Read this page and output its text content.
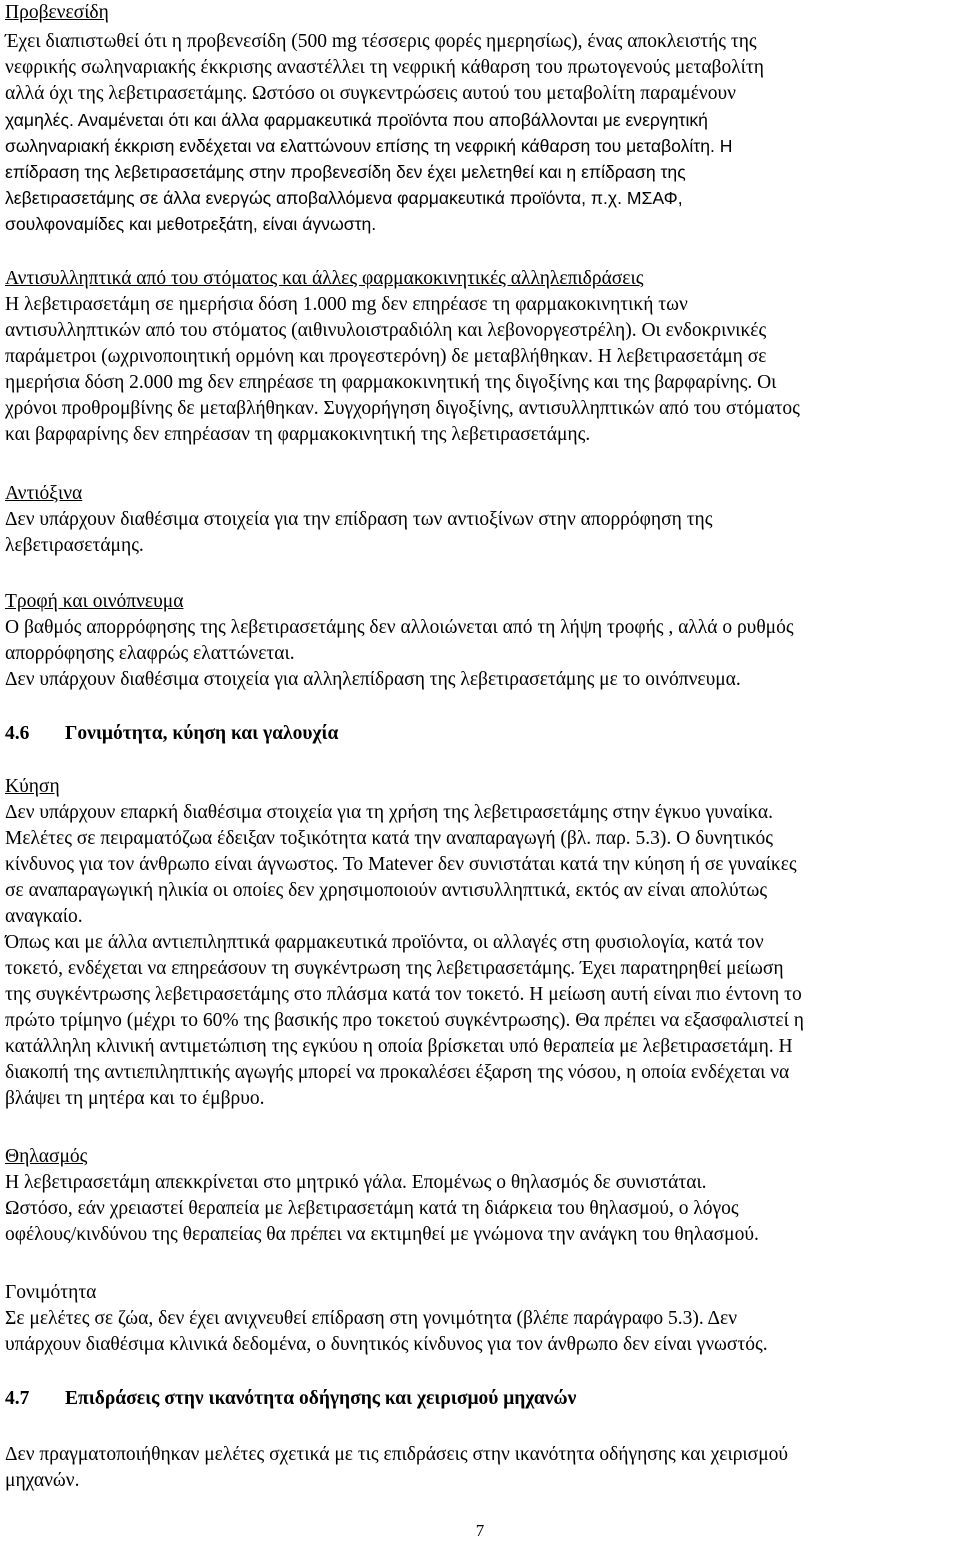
Προβενεσίδη
Έχει διαπιστωθεί ότι η προβενεσίδη (500 mg τέσσερις φορές ημερησίως), ένας αποκλειστής της
νεφρικής σωληναριακής έκκρισης αναστέλλει τη νεφρική κάθαρση του πρωτογενούς μεταβολίτη
αλλά όχι της λεβετιρασετάμης. Ωστόσο οι συγκεντρώσεις αυτού του μεταβολίτη παραμένουν
χαμηλές. Αναμένεται ότι και άλλα φαρμακευτικά προϊόντα που αποβάλλονται με ενεργητική
σωληναριακή έκκριση ενδέχεται να ελαττώνουν επίσης τη νεφρική κάθαρση του μεταβολίτη. Η
επίδραση της λεβετιρασετάμης στην προβενεσίδη δεν έχει μελετηθεί και η επίδραση της
λεβετιρασετάμης σε άλλα ενεργώς αποβαλλόμενα φαρμακευτικά προϊόντα, π.χ. ΜΣΑΦ,
σουλφοναμίδες και μεθοτρεξάτη, είναι άγνωστη.
Αντισυλληπτικά από του στόματος και άλλες φαρμακοκινητικές αλληλεπιδράσεις
Η λεβετιρασετάμη σε ημερήσια δόση 1.000 mg δεν επηρέασε τη φαρμακοκινητική των
αντισυλληπτικών από του στόματος (αιθινυλοιστραδιόλη και λεβονοργεστρέλη). Οι ενδοκρινικές
παράμετροι (ωχρινοποιητική ορμόνη και προγεστερόνη) δε μεταβλήθηκαν. Η λεβετιρασετάμη σε
ημερήσια δόση 2.000 mg δεν επηρέασε τη φαρμακοκινητική της διγοξίνης και της βαρφαρίνης. Οι
χρόνοι προθρομβίνης δε μεταβλήθηκαν. Συγχορήγηση διγοξίνης, αντισυλληπτικών από του στόματος
και βαρφαρίνης δεν επηρέασαν τη φαρμακοκινητική της λεβετιρασετάμης.
Αντιόξινα
Δεν υπάρχουν διαθέσιμα στοιχεία για την επίδραση των αντιοξίνων στην απορρόφηση της
λεβετιρασετάμης.
Τροφή και οινόπνευμα
Ο βαθμός απορρόφησης της λεβετιρασετάμης δεν αλλοιώνεται από τη λήψη τροφής , αλλά ο ρυθμός
απορρόφησης ελαφρώς ελαττώνεται.
Δεν υπάρχουν διαθέσιμα στοιχεία για αλληλεπίδραση της λεβετιρασετάμης με το οινόπνευμα.
4.6 Γονιμότητα, κύηση και γαλουχία
Κύηση
Δεν υπάρχουν επαρκή διαθέσιμα στοιχεία για τη χρήση της λεβετιρασετάμης στην έγκυο γυναίκα.
Μελέτες σε πειραματόζωα έδειξαν τοξικότητα κατά την αναπαραγωγή (βλ. παρ. 5.3). Ο δυνητικός
κίνδυνος για τον άνθρωπο είναι άγνωστος. Το Matever δεν συνιστάται κατά την κύηση ή σε γυναίκες
σε αναπαραγωγική ηλικία οι οποίες δεν χρησιμοποιούν αντισυλληπτικά, εκτός αν είναι απολύτως
αναγκαίο.
Όπως και με άλλα αντιεπιληπτικά φαρμακευτικά προϊόντα, οι αλλαγές στη φυσιολογία, κατά τον
τοκετό, ενδέχεται να επηρεάσουν τη συγκέντρωση της λεβετιρασετάμης. Έχει παρατηρηθεί μείωση
της συγκέντρωσης λεβετιρασετάμης στο πλάσμα κατά τον τοκετό. Η μείωση αυτή είναι πιο έντονη το
πρώτο τρίμηνο (μέχρι το 60% της βασικής προ τοκετού συγκέντρωσης). Θα πρέπει να εξασφαλιστεί η
κατάλληλη κλινική αντιμετώπιση της εγκύου η οποία βρίσκεται υπό θεραπεία με λεβετιρασετάμη. Η
διακοπή της αντιεπιληπτικής αγωγής μπορεί να προκαλέσει έξαρση της νόσου, η οποία ενδέχεται να
βλάψει τη μητέρα και το έμβρυο.
Θηλασμός
Η λεβετιρασετάμη απεκκρίνεται στο μητρικό γάλα. Επομένως ο θηλασμός δε συνιστάται.
Ωστόσο, εάν χρειαστεί θεραπεία με λεβετιρασετάμη κατά τη διάρκεια του θηλασμού, ο λόγος
οφέλους/κινδύνου της θεραπείας θα πρέπει να εκτιμηθεί με γνώμονα την ανάγκη του θηλασμού.
Γονιμότητα
Σε μελέτες σε ζώα, δεν έχει ανιχνευθεί επίδραση στη γονιμότητα (βλέπε παράγραφο 5.3). Δεν
υπάρχουν διαθέσιμα κλινικά δεδομένα, ο δυνητικός κίνδυνος για τον άνθρωπο δεν είναι γνωστός.
4.7 Επιδράσεις στην ικανότητα οδήγησης και χειρισμού μηχανών
Δεν πραγματοποιήθηκαν μελέτες σχετικά με τις επιδράσεις στην ικανότητα οδήγησης και χειρισμού
μηχανών.
7
